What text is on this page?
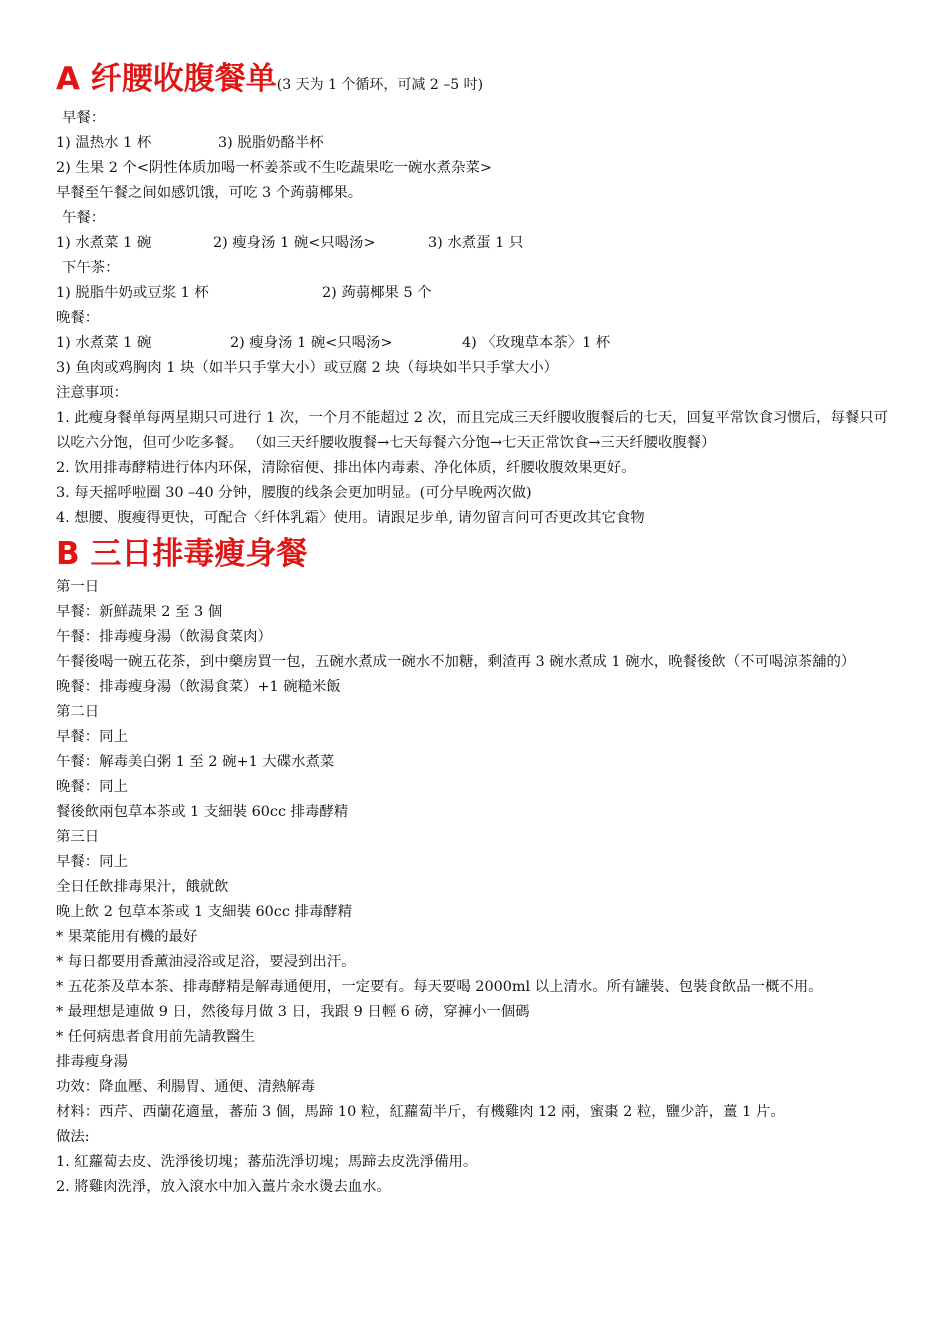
A 纤腰收腹餐单(3 天为 1 个循环，可减 2 –5 吋)
早餐：
1) 温热水 1 杯	3) 脱脂奶酪半杯
2) 生果 2 个<阴性体质加喝一杯姜茶或不生吃蔬果吃一碗水煮杂菜>
早餐至午餐之间如感饥饿，可吃 3 个蒟蒻椰果。
午餐：
1) 水煮菜 1 碗	2) 瘦身汤 1 碗<只喝汤>	3) 水煮蛋 1 只
下午茶：
1) 脱脂牛奶或豆浆 1 杯	2) 蒟蒻椰果 5 个
晚餐：
1) 水煮菜 1 碗	2) 瘦身汤 1 碗<只喝汤>	4) 〈玫瑰草本茶〉1 杯
3) 鱼肉或鸡胸肉 1 块（如半只手掌大小）或豆腐 2 块（每块如半只手掌大小）
注意事项：
1. 此瘦身餐单每两星期只可进行 1 次，一个月不能超过 2 次，而且完成三天纤腰收腹餐后的七天，回复平常饮食习惯后，每餐只可以吃六分饱，但可少吃多餐。 （如三天纤腰收腹餐→七天每餐六分饱→七天正常饮食→三天纤腰收腹餐）
2. 饮用排毒酵精进行体内环保，清除宿便、排出体内毒素、净化体质，纤腰收腹效果更好。
3. 每天摇呼啦圈 30 –40 分钟，腰腹的线条会更加明显。(可分早晚两次做)
4. 想腰、腹瘦得更快，可配合〈纤体乳霜〉使用。请跟足步单, 请勿留言问可否更改其它食物
B 三日排毒瘦身餐
第一日
早餐：新鮮蔬果 2 至 3 個
午餐：排毒瘦身湯（飲湯食菜肉）
午餐後喝一碗五花茶，到中藥房買一包，五碗水煮成一碗水不加糖，剩渣再 3 碗水煮成 1 碗水，晚餐後飲（不可喝涼茶舖的）
晚餐：排毒瘦身湯（飲湯食菜）+1 碗糙米飯
第二日
早餐：同上
午餐：解毒美白粥 1 至 2 碗+1 大碟水煮菜
晚餐：同上
餐後飲兩包草本茶或 1 支細裝 60cc 排毒酵精
第三日
早餐：同上
全日任飲排毒果汁，餓就飲
晚上飲 2 包草本茶或 1 支細裝 60cc 排毒酵精
* 果菜能用有機的最好
* 每日都要用香薰油浸浴或足浴，要浸到出汗。
* 五花茶及草本茶、排毒酵精是解毒通便用，一定要有。每天要喝 2000ml 以上清水。所有罐裝、包裝食飲品一概不用。
* 最理想是連做 9 日，然後每月做 3 日，我跟 9 日輕 6 磅，穿褲小一個碼
* 任何病患者食用前先請教醫生
排毒瘦身湯
功效：降血壓、利腸胃、通便、清熱解毒
材料：西芹、西蘭花適量，蕃茄 3 個，馬蹄 10 粒，紅蘿蔔半斤，有機雞肉 12 兩，蜜棗 2 粒，鹽少許，薑 1 片。
做法:
1. 紅蘿蔔去皮、洗淨後切塊；蕃茄洗淨切塊；馬蹄去皮洗淨備用。
2. 將雞肉洗淨，放入滾水中加入薑片汆水燙去血水。
